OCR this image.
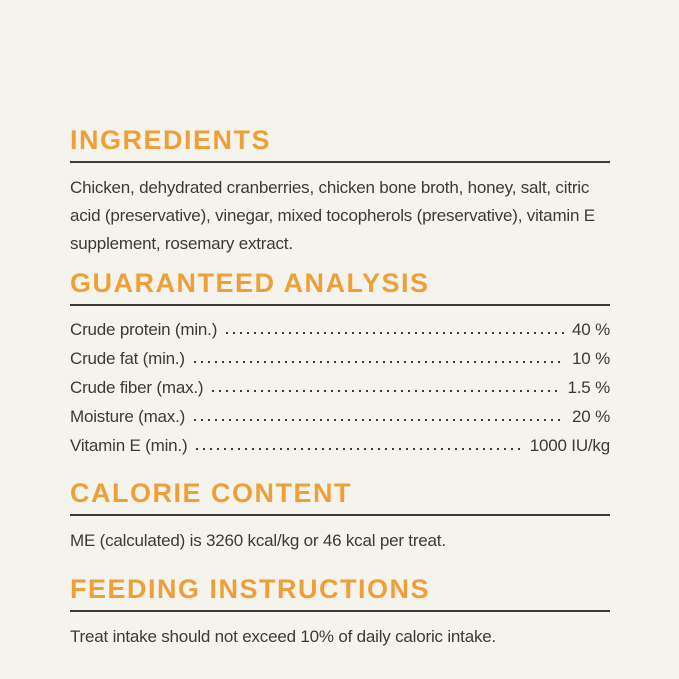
INGREDIENTS

Chicken, dehydrated cranberries, chicken bone broth, honey, salt, citric acid (preservative), vinegar, mixed tocopherols (preservative), vitamin E supplement, rosemary extract.

GUARANTEED ANALYSIS
Crude protein (min.)	40 %
Crude fat (min.)	10 %
Crude fiber (max.)	1.5 %
Moisture (max.)	20 %
Vitamin E (min.)	1000 IU/kg
CALORIE CONTENT

ME (calculated) is 3260 kcal/kg or 46 kcal per treat.

FEEDING INSTRUCTIONS

Treat intake should not exceed 10% of daily caloric intake.
